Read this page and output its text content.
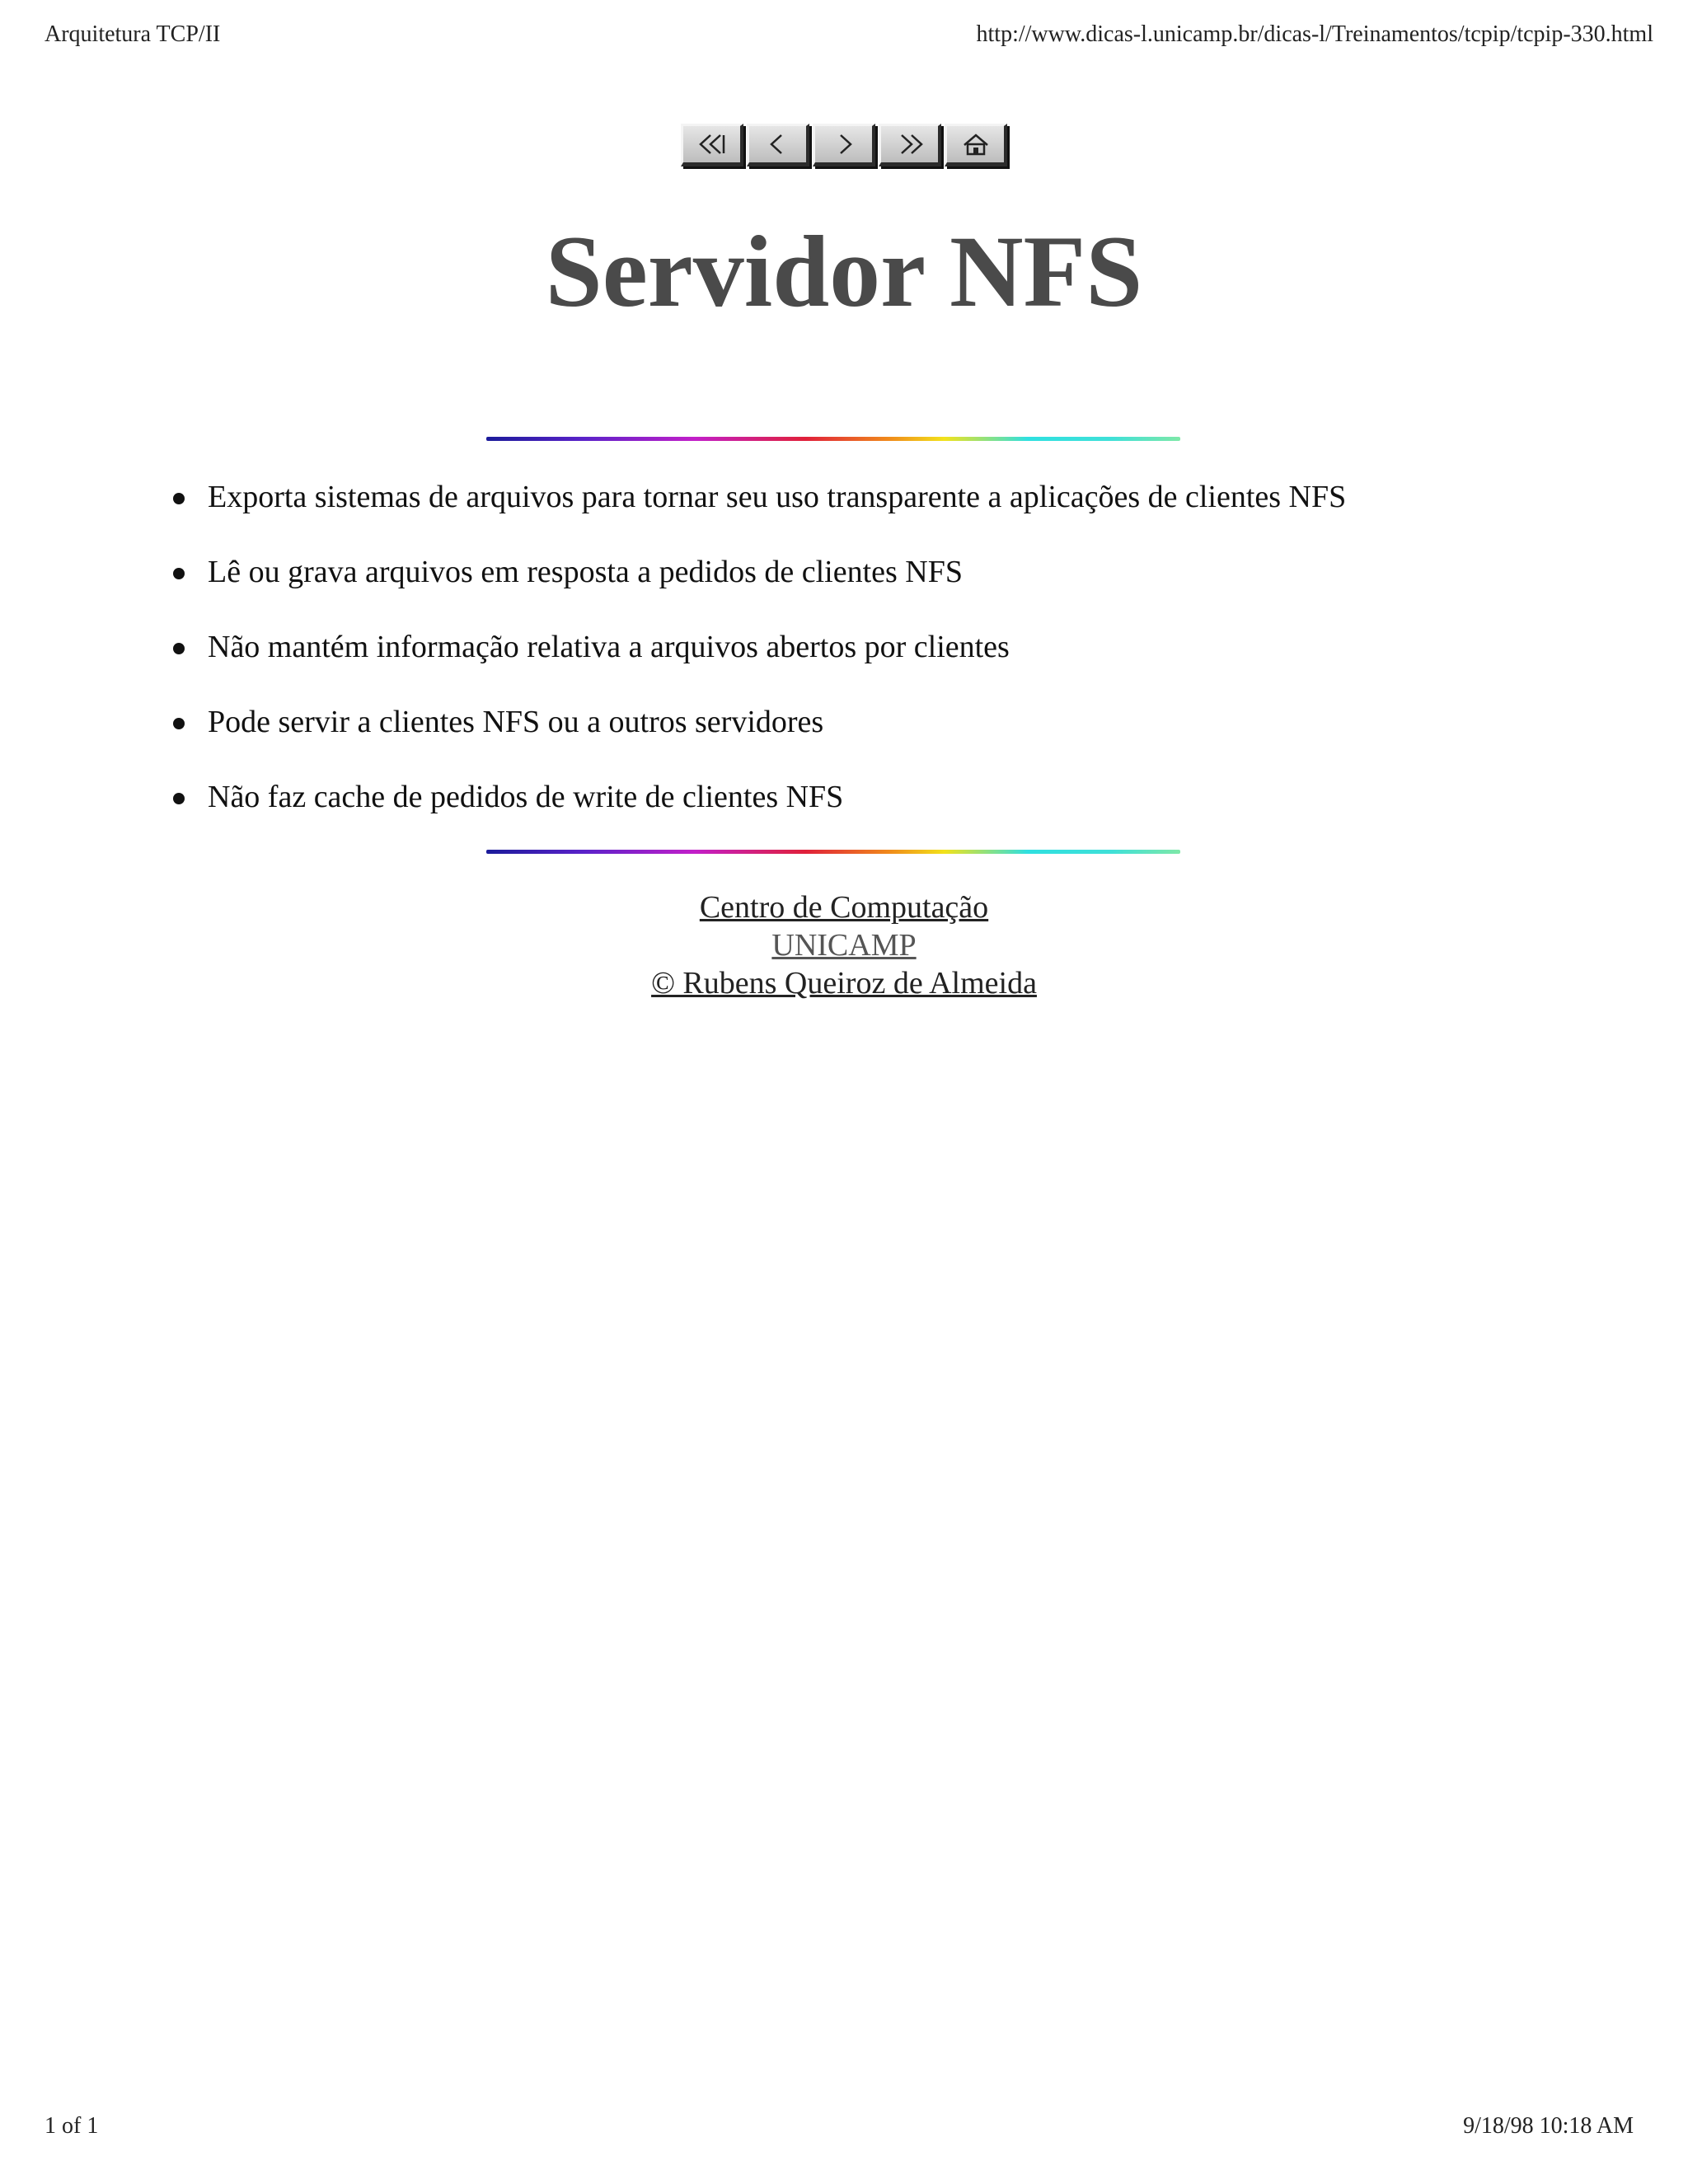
Arquitetura TCP/II	http://www.dicas-l.unicamp.br/dicas-l/Treinamentos/tcpip/tcpip-330.html
Servidor NFS
Exporta sistemas de arquivos para tornar seu uso transparente a aplicações de clientes NFS
Lê ou grava arquivos em resposta a pedidos de clientes NFS
Não mantém informação relativa a arquivos abertos por clientes
Pode servir a clientes NFS ou a outros servidores
Não faz cache de pedidos de write de clientes NFS
Centro de Computação
UNICAMP
© Rubens Queiroz de Almeida
1 of 1	9/18/98 10:18 AM
